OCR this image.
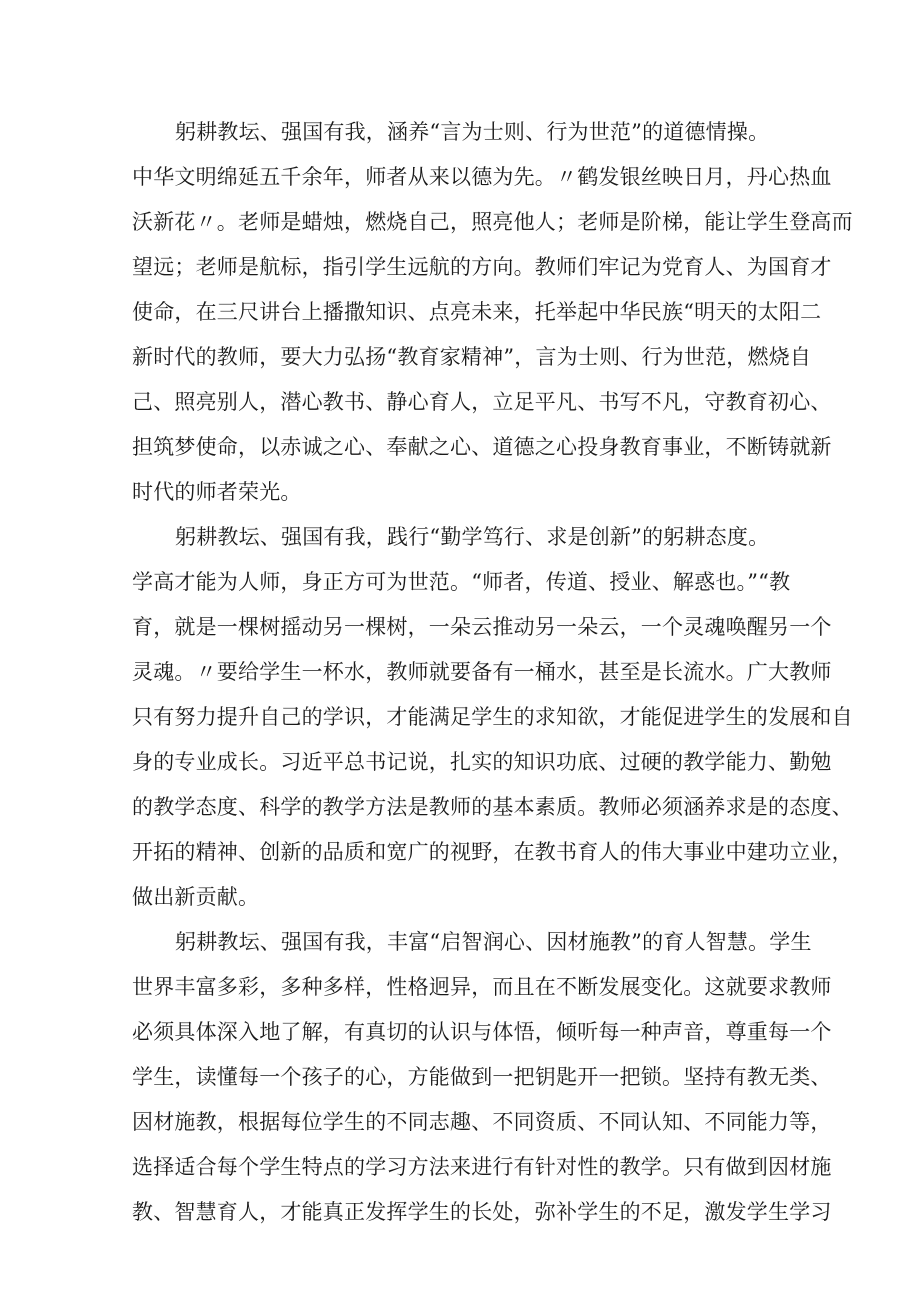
躬耕教坛、强国有我，涵养“言为士则、行为世范”的道德情操。
中华文明绵延五千余年，师者从来以德为先。〃鹤发银丝映日月，丹心热血
沃新花〃。老师是蜡烛，燃烧自己，照亮他人；老师是阶梯，能让学生登高而
望远；老师是航标，指引学生远航的方向。教师们牢记为党育人、为国育才
使命，在三尺讲台上播撒知识、点亮未来，托举起中华民族“明天的太阳二
新时代的教师，要大力弘扬“教育家精神”，言为士则、行为世范，燃烧自
己、照亮别人，潜心教书、静心育人，立足平凡、书写不凡，守教育初心、
担筑梦使命，以赤诚之心、奉献之心、道德之心投身教育事业，不断铸就新
时代的师者荣光。
躬耕教坛、强国有我，践行“勤学笃行、求是创新”的躬耕态度。
学高才能为人师，身正方可为世范。“师者，传道、授业、解惑也。”“教
育，就是一棵树摇动另一棵树，一朵云推动另一朵云，一个灵魂唤醒另一个
灵魂。〃要给学生一杯水，教师就要备有一桶水，甚至是长流水。广大教师
只有努力提升自己的学识，才能满足学生的求知欲，才能促进学生的发展和自
身的专业成长。习近平总书记说，扎实的知识功底、过硬的教学能力、勤勉
的教学态度、科学的教学方法是教师的基本素质。教师必须涵养求是的态度、
开拓的精神、创新的品质和宽广的视野，在教书育人的伟大事业中建功立业，
做出新贡献。
躬耕教坛、强国有我，丰富“启智润心、因材施教”的育人智慧。学生
世界丰富多彩，多种多样，性格迥异，而且在不断发展变化。这就要求教师
必须具体深入地了解，有真切的认识与体悟，倾听每一种声音，尊重每一个
学生，读懂每一个孩子的心，方能做到一把钥匙开一把锁。坚持有教无类、
因材施教，根据每位学生的不同志趣、不同资质、不同认知、不同能力等，
选择适合每个学生特点的学习方法来进行有针对性的教学。只有做到因材施
教、智慧育人，才能真正发挥学生的长处，弥补学生的不足，激发学生学习
